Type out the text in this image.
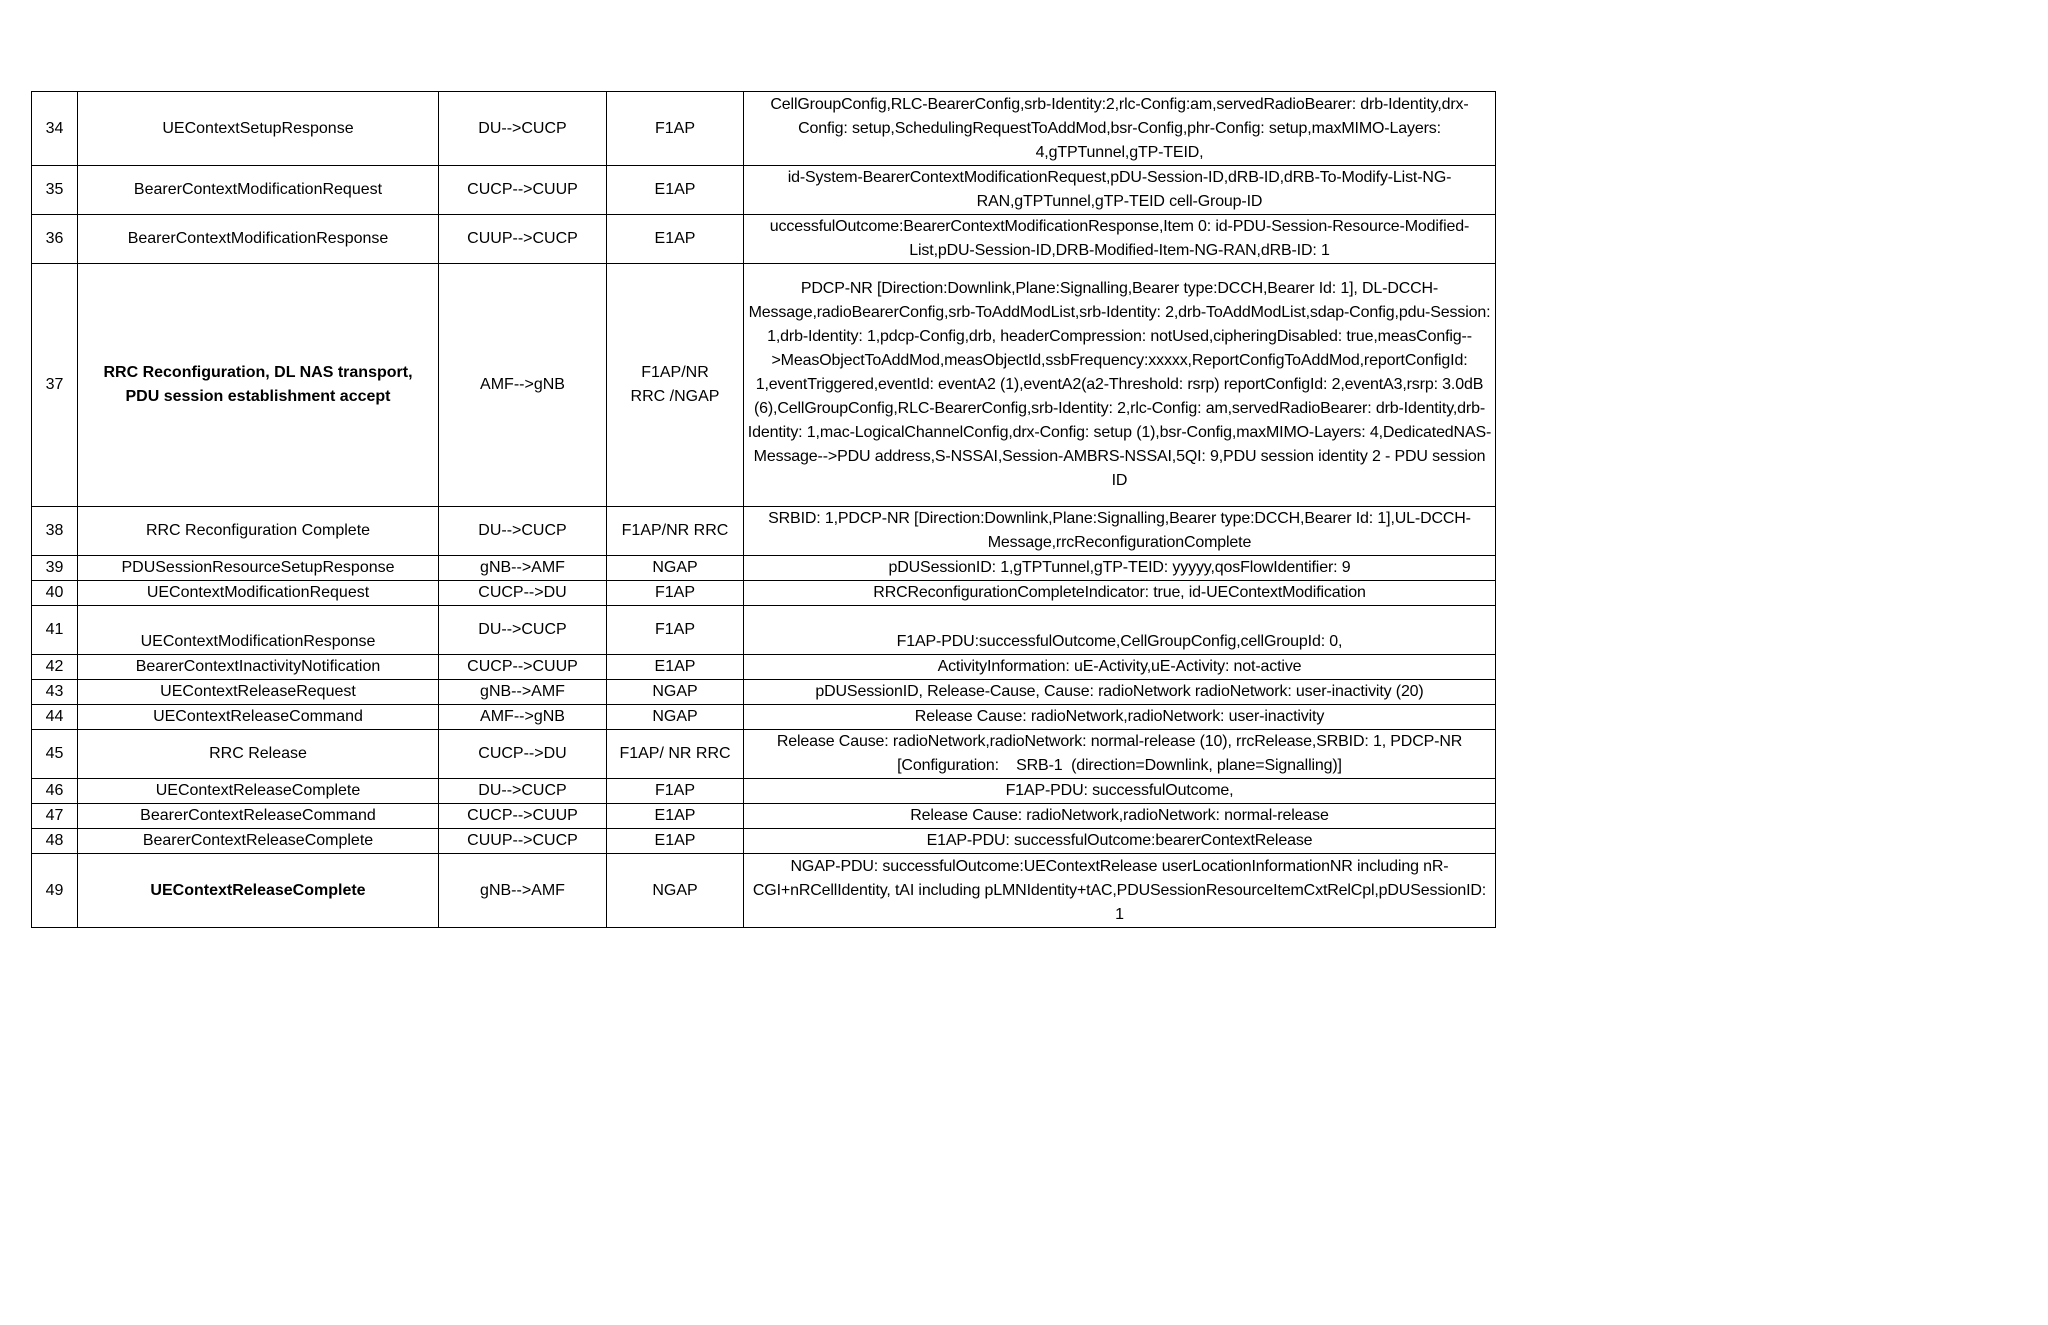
34	UEContextSetupResponse	DU-->CUCP	F1AP	CellGroupConfig,RLC-BearerConfig,srb-Identity:2,rlc-Config:am,servedRadioBearer: drb-Identity,drx-Config: setup,SchedulingRequestToAddMod,bsr-Config,phr-Config: setup,maxMIMO-Layers: 4,gTPTunnel,gTP-TEID,
35	BearerContextModificationRequest	CUCP-->CUUP	E1AP	id-System-BearerContextModificationRequest,pDU-Session-ID,dRB-ID,dRB-To-Modify-List-NG-RAN,gTPTunnel,gTP-TEID cell-Group-ID
36	BearerContextModificationResponse	CUUP-->CUCP	E1AP	uccessfulOutcome:BearerContextModificationResponse,Item 0: id-PDU-Session-Resource-Modified-List,pDU-Session-ID,DRB-Modified-Item-NG-RAN,dRB-ID: 1
37	RRC Reconfiguration, DL NAS transport, PDU session establishment accept	AMF-->gNB	F1AP/NR RRC /NGAP	PDCP-NR [Direction:Downlink,Plane:Signalling,Bearer type:DCCH,Bearer Id: 1], DL-DCCH-Message,radioBearerConfig,srb-ToAddModList,srb-Identity: 2,drb-ToAddModList,sdap-Config,pdu-Session: 1,drb-Identity: 1,pdcp-Config,drb, headerCompression: notUsed,cipheringDisabled: true,measConfig-->MeasObjectToAddMod,measObjectId,ssbFrequency:xxxxx,ReportConfigToAddMod,reportConfigId: 1,eventTriggered,eventId: eventA2 (1),eventA2(a2-Threshold: rsrp) reportConfigId: 2,eventA3,rsrp: 3.0dB (6),CellGroupConfig,RLC-BearerConfig,srb-Identity: 2,rlc-Config: am,servedRadioBearer: drb-Identity,drb-Identity: 1,mac-LogicalChannelConfig,drx-Config: setup (1),bsr-Config,maxMIMO-Layers: 4,DedicatedNAS-Message-->PDU address,S-NSSAI,Session-AMBRS-NSSAI,5QI: 9,PDU session identity 2 - PDU session ID
38	RRC Reconfiguration Complete	DU-->CUCP	F1AP/NR RRC	SRBID: 1,PDCP-NR [Direction:Downlink,Plane:Signalling,Bearer type:DCCH,Bearer Id: 1],UL-DCCH-Message,rrcReconfigurationComplete
39	PDUSessionResourceSetupResponse	gNB-->AMF	NGAP	pDUSessionID: 1,gTPTunnel,gTP-TEID: yyyyy,qosFlowIdentifier: 9
40	UEContextModificationRequest	CUCP-->DU	F1AP	RRCReconfigurationCompleteIndicator: true, id-UEContextModification
41	UEContextModificationResponse	DU-->CUCP	F1AP	F1AP-PDU:successfulOutcome,CellGroupConfig,cellGroupId: 0,
42	BearerContextInactivityNotification	CUCP-->CUUP	E1AP	ActivityInformation: uE-Activity,uE-Activity: not-active
43	UEContextReleaseRequest	gNB-->AMF	NGAP	pDUSessionID, Release-Cause, Cause: radioNetwork radioNetwork: user-inactivity (20)
44	UEContextReleaseCommand	AMF-->gNB	NGAP	Release Cause: radioNetwork,radioNetwork: user-inactivity
45	RRC Release	CUCP-->DU	F1AP/ NR RRC	Release Cause: radioNetwork,radioNetwork: normal-release (10), rrcRelease,SRBID: 1, PDCP-NR [Configuration:    SRB-1  (direction=Downlink, plane=Signalling)]
46	UEContextReleaseComplete	DU-->CUCP	F1AP	F1AP-PDU: successfulOutcome,
47	BearerContextReleaseCommand	CUCP-->CUUP	E1AP	Release Cause: radioNetwork,radioNetwork: normal-release
48	BearerContextReleaseComplete	CUUP-->CUCP	E1AP	E1AP-PDU: successfulOutcome:bearerContextRelease
49	UEContextReleaseComplete	gNB-->AMF	NGAP	NGAP-PDU: successfulOutcome:UEContextRelease userLocationInformationNR including nR-CGI+nRCellIdentity, tAI including pLMNIdentity+tAC,PDUSessionResourceItemCxtRelCpl,pDUSessionID: 1
